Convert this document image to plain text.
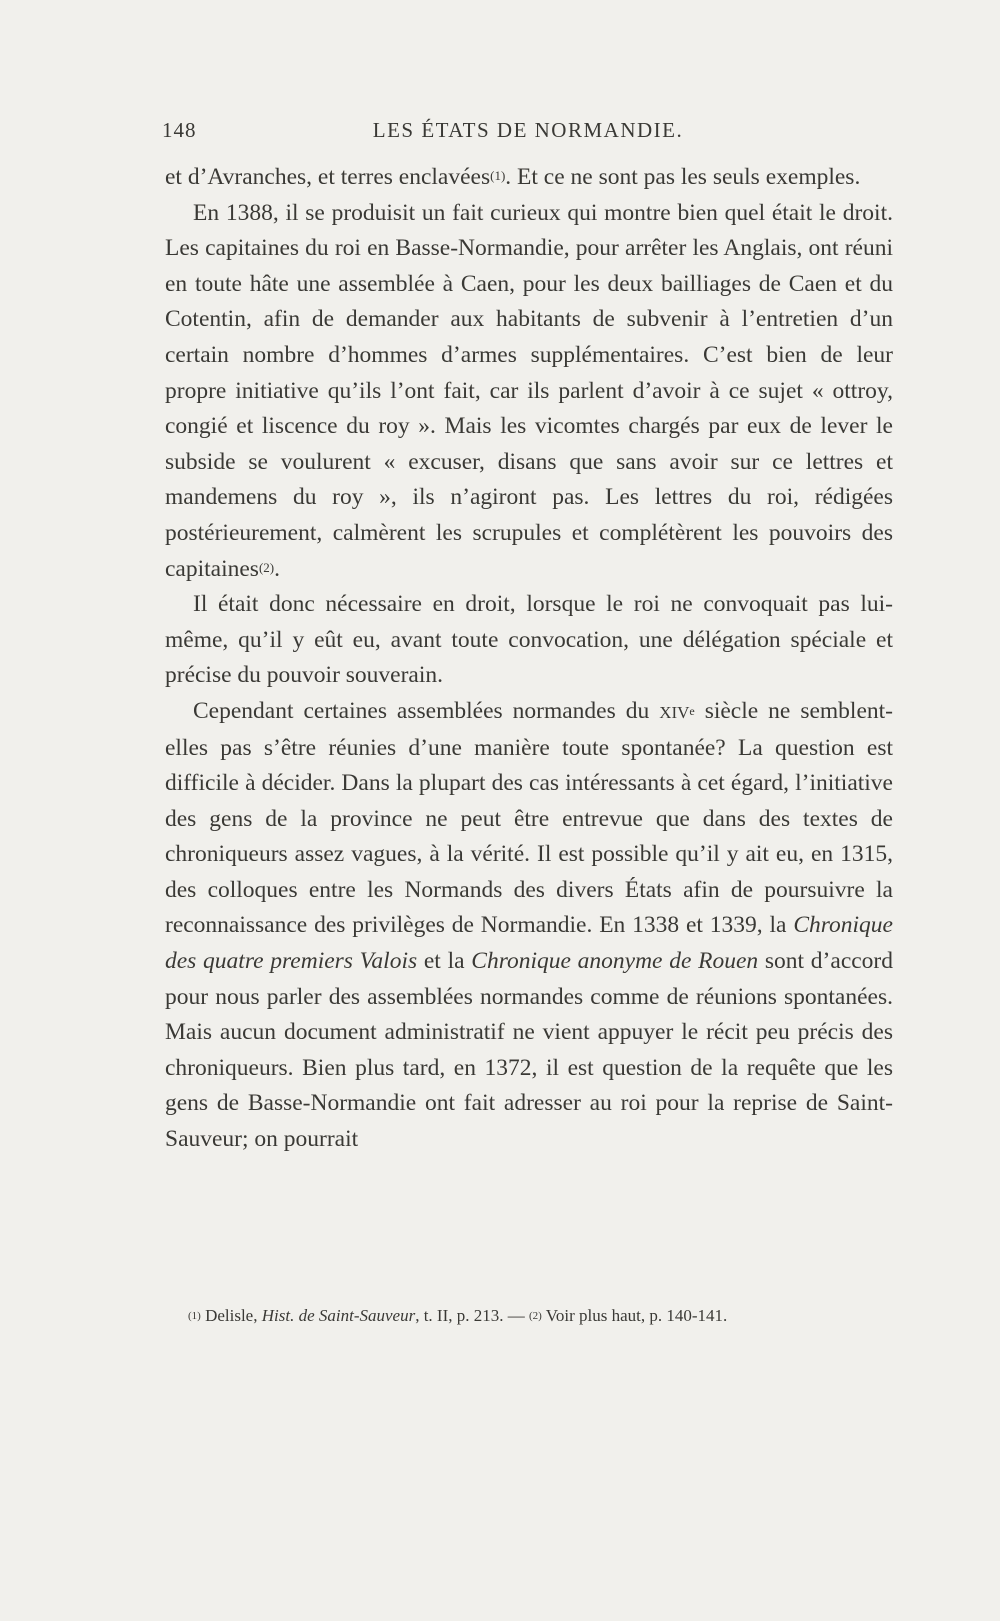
148	LES ÉTATS DE NORMANDIE.

et d’Avranches, et terres enclavées$^{(1)}$. Et ce ne sont pas les seuls exemples.

En 1388, il se produisit un fait curieux qui montre bien quel était le droit. Les capitaines du roi en Basse-Normandie, pour arrêter les Anglais, ont réuni en toute hâte une assemblée à Caen, pour les deux bailliages de Caen et du Cotentin, afin de demander aux habitants de subvenir à l’entretien d’un certain nombre d’hommes d’armes supplémentaires. C’est bien de leur propre initiative qu’ils l’ont fait, car ils parlent d’avoir à ce sujet « ottroy, congié et liscence du roy ». Mais les vicomtes chargés par eux de lever le subside se voulurent « excuser, disans que sans avoir sur ce lettres et mandemens du roy », ils n’agiront pas. Les lettres du roi, rédigées postérieurement, calmèrent les scrupules et complétèrent les pouvoirs des capitaines$^{(2)}$.

Il était donc nécessaire en droit, lorsque le roi ne convoquait pas lui-même, qu’il y eût eu, avant toute convocation, une délégation spéciale et précise du pouvoir souverain.

Cependant certaines assemblées normandes du XIVe siècle ne semblent-elles pas s’être réunies d’une manière toute spontanée? La question est difficile à décider. Dans la plupart des cas intéressants à cet égard, l’initiative des gens de la province ne peut être entrevue que dans des textes de chroniqueurs assez vagues, à la vérité. Il est possible qu’il y ait eu, en 1315, des colloques entre les Normands des divers États afin de poursuivre la reconnaissance des privilèges de Normandie. En 1338 et 1339, la Chronique des quatre premiers Valois et la Chronique anonyme de Rouen sont d’accord pour nous parler des assemblées normandes comme de réunions spontanées. Mais aucun document administratif ne vient appuyer le récit peu précis des chroniqueurs. Bien plus tard, en 1372, il est question de la requête que les gens de Basse-Normandie ont fait adresser au roi pour la reprise de Saint-Sauveur; on pourrait

$^{(1)}$ Delisle, Hist. de Saint-Sauveur, t. II, p. 213. — $^{(2)}$ Voir plus haut, p. 140-141.
